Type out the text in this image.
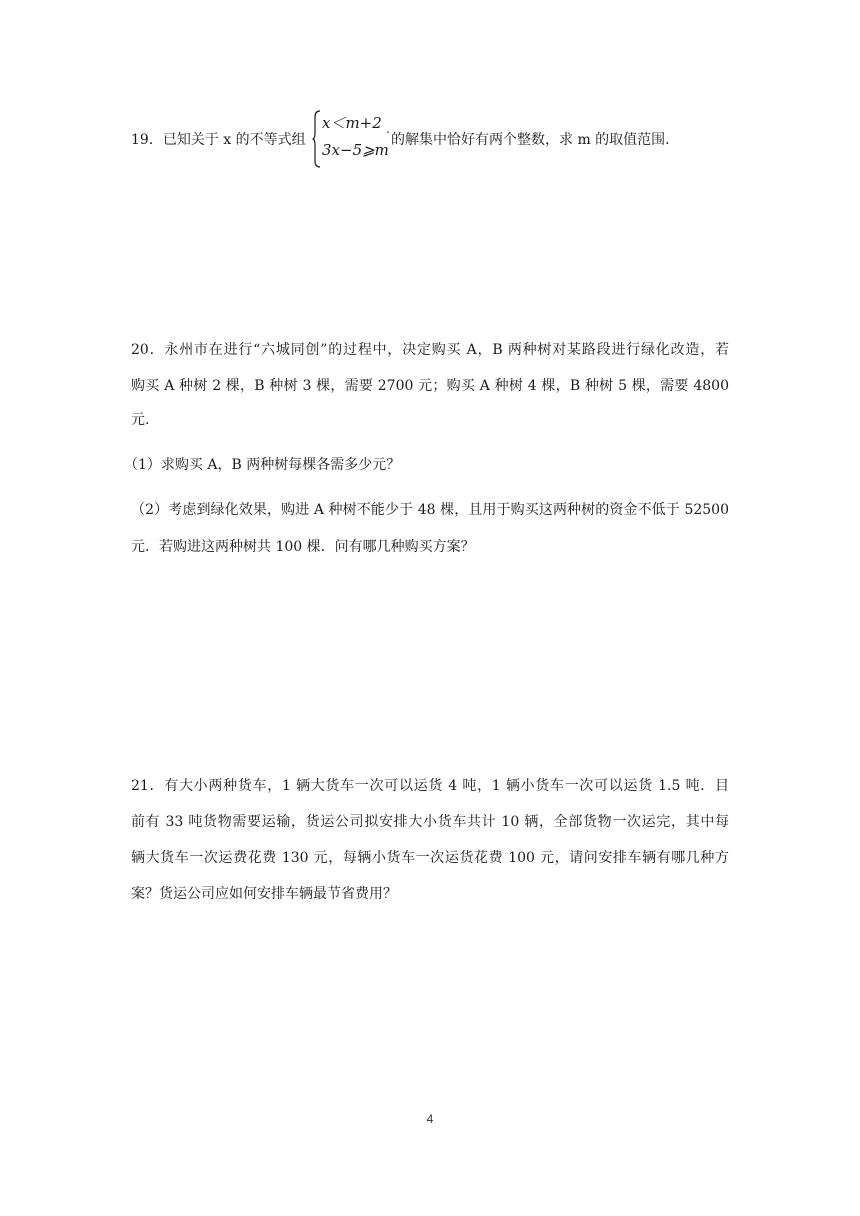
19．已知关于 x 的不等式组
x＜m+2
3x−5⩾m
.
的解集中恰好有两个整数，求 m 的取值范围.
20．永州市在进行“六城同创”的过程中，决定购买 A，B 两种树对某路段进行绿化改造，若
购买 A 种树 2 棵，B 种树 3 棵，需要 2700 元；购买 A 种树 4 棵，B 种树 5 棵，需要 4800
元.
（1）求购买 A，B 两种树每棵各需多少元？
（2）考虑到绿化效果，购进 A 种树不能少于 48 棵，且用于购买这两种树的资金不低于 52500
元．若购进这两种树共 100 棵．问有哪几种购买方案？
21．有大小两种货车，1 辆大货车一次可以运货 4 吨，1 辆小货车一次可以运货 1.5 吨．目
前有 33 吨货物需要运输，货运公司拟安排大小货车共计 10 辆，全部货物一次运完，其中每
辆大货车一次运费花费 130 元，每辆小货车一次运货花费 100 元，请问安排车辆有哪几种方
案？货运公司应如何安排车辆最节省费用？
4
